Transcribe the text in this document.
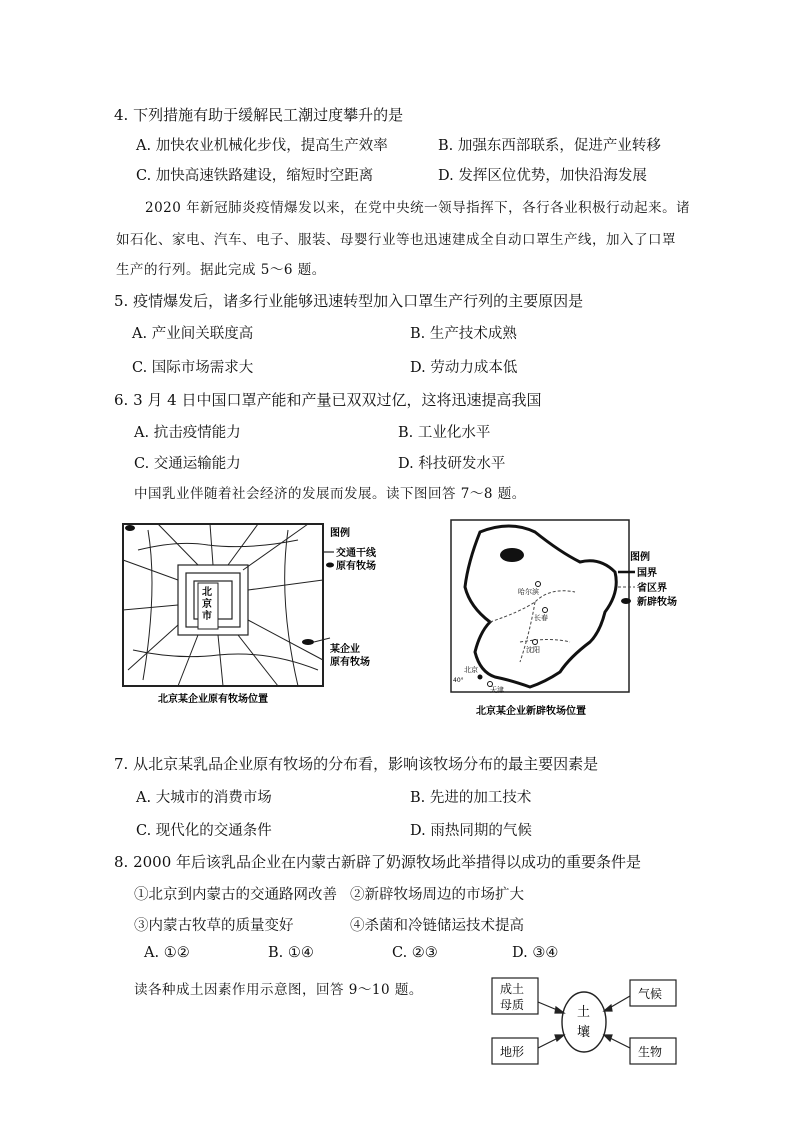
4. 下列措施有助于缓解民工潮过度攀升的是
A. 加快农业机械化步伐，提高生产效率	B. 加强东西部联系，促进产业转移
C. 加快高速铁路建设，缩短时空距离	D. 发挥区位优势，加快沿海发展
2020 年新冠肺炎疫情爆发以来，在党中央统一领导指挥下，各行各业积极行动起来。诸
如石化、家电、汽车、电子、服装、母婴行业等也迅速建成全自动口罩生产线，加入了口罩
生产的行列。据此完成 5～6 题。
5. 疫情爆发后，诸多行业能够迅速转型加入口罩生产行列的主要原因是
A. 产业间关联度高	B. 生产技术成熟
C. 国际市场需求大	D. 劳动力成本低
6. 3 月 4 日中国口罩产能和产量已双双过亿，这将迅速提高我国
A. 抗击疫情能力	B. 工业化水平
C. 交通运输能力	D. 科技研发水平
中国乳业伴随着社会经济的发展而发展。读下图回答 7～8 题。
北
京
市
图例
交通干线
原有牧场
某企业
原有牧场
北京某企业原有牧场位置
哈尔滨
长春
沈阳
北京
天津
40°
图例
国界
省区界
新辟牧场
北京某企业新辟牧场位置
7. 从北京某乳品企业原有牧场的分布看，影响该牧场分布的最主要因素是
A. 大城市的消费市场	B. 先进的加工技术
C. 现代化的交通条件	D. 雨热同期的气候
8. 2000 年后该乳品企业在内蒙古新辟了奶源牧场此举措得以成功的重要条件是
①北京到内蒙古的交通路网改善 ②新辟牧场周边的市场扩大
③内蒙古牧草的质量变好	④杀菌和冷链储运技术提高
A. ①②	B. ①④	C. ②③	D. ③④
读各种成土因素作用示意图，回答 9～10 题。	成土
母质
气候
地形	生物
土
壤
